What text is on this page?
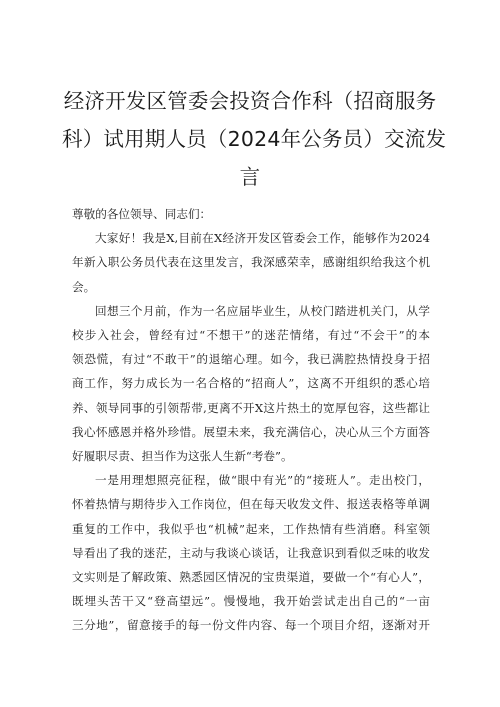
经济开发区管委会投资合作科（招商服务
科）试用期人员（2024年公务员）交流发
言

尊敬的各位领导、同志们：

大家好！我是X,目前在X经济开发区管委会工作，能够作为2024
年新入职公务员代表在这里发言，我深感荣幸，感谢组织给我这个机
会。
回想三个月前，作为一名应届毕业生，从校门踏进机关门，从学
校步入社会，曾经有过“不想干”的迷茫情绪，有过“不会干”的本
领恐慌，有过“不敢干”的退缩心理。如今，我已满腔热情投身于招
商工作，努力成长为一名合格的“招商人”，这离不开组织的悉心培
养、领导同事的引领帮带,更离不开X这片热土的宽厚包容，这些都让
我心怀感恩并格外珍惜。展望未来，我充满信心，决心从三个方面答
好履职尽责、担当作为这张人生新“考卷”。
一是用理想照亮征程，做“眼中有光”的“接班人”。走出校门，
怀着热情与期待步入工作岗位，但在每天收发文件、报送表格等单调
重复的工作中，我似乎也“机械”起来，工作热情有些消磨。科室领
导看出了我的迷茫，主动与我谈心谈话，让我意识到看似乏味的收发
文实则是了解政策、熟悉园区情况的宝贵渠道，要做一个“有心人”，
既埋头苦干又“登高望远”。慢慢地，我开始尝试走出自己的“一亩
三分地”，留意接手的每一份文件内容、每一个项目介绍，逐渐对开
